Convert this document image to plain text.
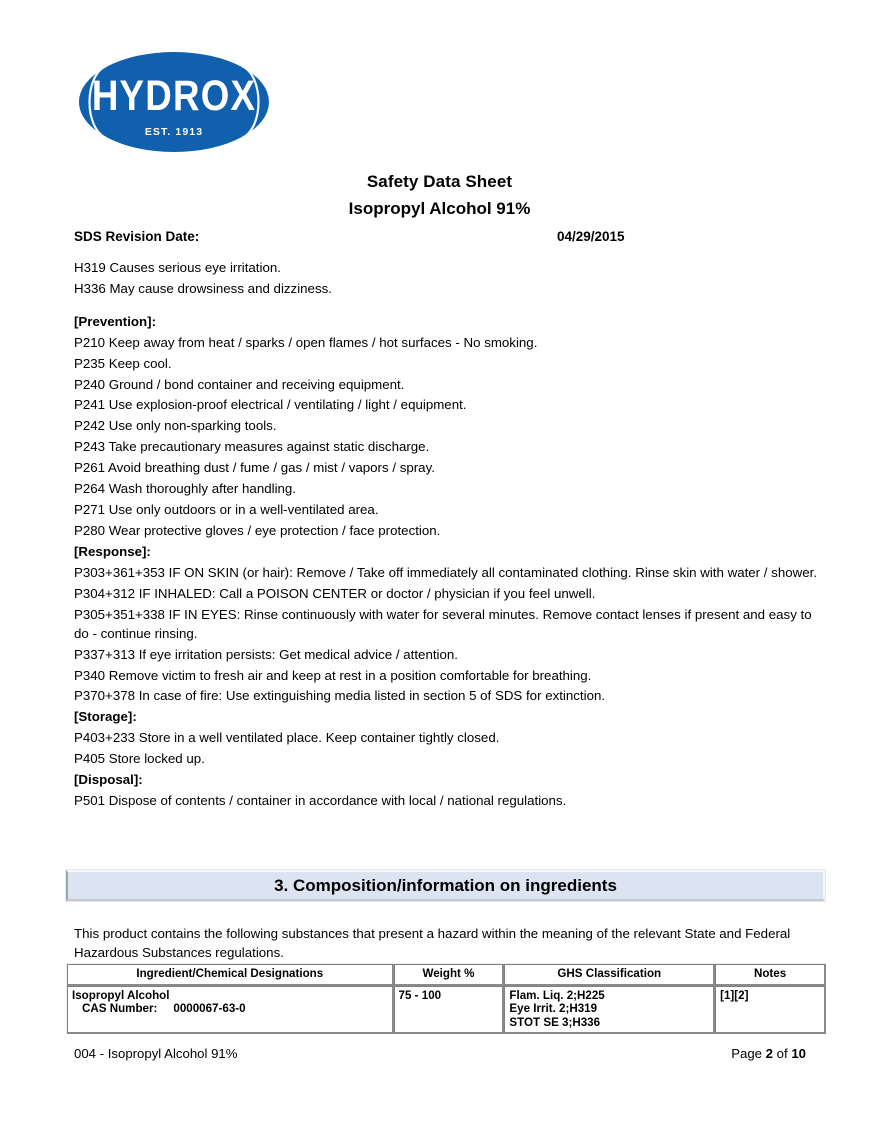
HYDROX
EST. 1913
Safety Data Sheet
Isopropyl Alcohol 91%
SDS Revision Date:	04/29/2015

H319 Causes serious eye irritation.

H336 May cause drowsiness and dizziness.

[Prevention]:

P210 Keep away from heat / sparks / open flames / hot surfaces - No smoking.

P235 Keep cool.

P240 Ground / bond container and receiving equipment.

P241 Use explosion-proof electrical / ventilating / light / equipment.

P242 Use only non-sparking tools.

P243 Take precautionary measures against static discharge.

P261 Avoid breathing dust / fume / gas / mist / vapors / spray.

P264 Wash thoroughly after handling.

P271 Use only outdoors or in a well-ventilated area.

P280 Wear protective gloves / eye protection / face protection.

[Response]:

P303+361+353 IF ON SKIN (or hair): Remove / Take off immediately all contaminated clothing. Rinse skin with water / shower.

P304+312 IF INHALED: Call a POISON CENTER or doctor / physician if you feel unwell.

P305+351+338 IF IN EYES: Rinse continuously with water for several minutes. Remove contact lenses if present and easy to do - continue rinsing.

P337+313 If eye irritation persists: Get medical advice / attention.

P340 Remove victim to fresh air and keep at rest in a position comfortable for breathing.

P370+378 In case of fire: Use extinguishing media listed in section 5 of SDS for extinction.

[Storage]:

P403+233 Store in a well ventilated place. Keep container tightly closed.

P405 Store locked up.

[Disposal]:

P501 Dispose of contents / container in accordance with local / national regulations.

3. Composition/information on ingredients
This product contains the following substances that present a hazard within the meaning of the relevant State and Federal Hazardous Substances regulations.
Ingredient/Chemical Designations	Weight %	GHS Classification	Notes

Isopropyl Alcohol
CAS Number: 0000067-63-0
	75 - 100	Flam. Liq. 2;H225
Eye Irrit. 2;H319
STOT SE 3;H336
	[1][2]
004 - Isopropyl Alcohol 91%	Page 2 of 10
